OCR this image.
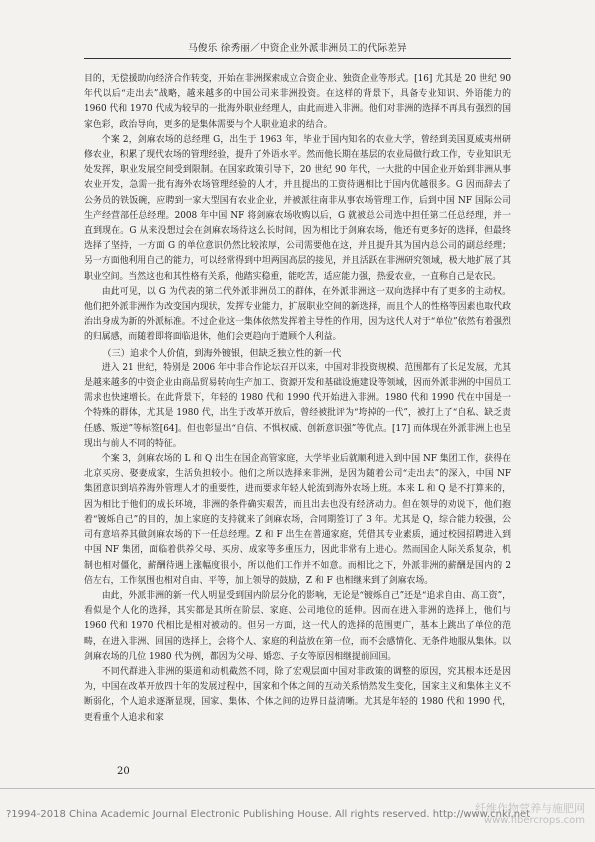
马俊乐 徐秀丽／中资企业外派非洲员工的代际差异

目的，无偿援助向经济合作转变，开始在非洲探索成立合资企业、独资企业等形式。[16] 尤其是 20 世纪 90 年代以后“走出去”战略，越来越多的中国公司来非洲投资。在这样的背景下，具备专业知识、外语能力的 1960 代和 1970 代成为较早的一批海外职业经理人，由此而进入非洲。他们对非洲的选择不再具有强烈的国家色彩，政治导向，更多的是集体需要与个人职业追求的结合。

个案 2，剑麻农场的总经理 G，出生于 1963 年，毕业于国内知名的农业大学，曾经到美国夏威夷州研修农业，积累了现代农场的管理经验，提升了外语水平。然而他长期在基层的农业局做行政工作，专业知识无处发挥，职业发展空间受到限制。在国家政策引导下，20 世纪 90 年代，一大批的中国企业开始到非洲从事农业开发，急需一批有海外农场管理经验的人才，并且提出的工资待遇相比于国内优越很多。G 因而辞去了公务员的铁饭碗，应聘到一家大型国有农业企业，并被派往南非从事农场管理工作，后到中国 NF 国际公司生产经营部任总经理。2008 年中国 NF 将剑麻农场收购以后，G 就被总公司选中担任第二任总经理，并一直到现在。G 从来没想过会在剑麻农场待这么长时间，因为相比于剑麻农场，他还有更多好的选择，但最终选择了坚持，一方面 G 的单位意识仍然比较浓厚，公司需要他在这，并且提升其为国内总公司的副总经理；另一方面他利用自己的能力，可以经常得到中坦两国高层的接见，并且活跃在非洲研究领域，极大地扩展了其职业空间。当然这也和其性格有关系，他踏实稳重，能吃苦，适应能力强，热爱农业，一直称自己是农民。

由此可见，以 G 为代表的第二代外派非洲员工的群体，在外派非洲这一双向选择中有了更多的主动权。他们把外派非洲作为改变国内现状，发挥专业能力，扩展职业空间的新选择，而且个人的性格等因素也取代政治出身成为新的外派标准。不过企业这一集体依然发挥着主导性的作用，因为这代人对于“单位”依然有着强烈的归属感，而随着即将面临退休，他们会更趋向于遣顾个人利益。

（三）追求个人价值，到海外镀银，但缺乏独立性的新一代

进入 21 世纪，特别是 2006 年中非合作论坛召开以来，中国对非投资规模、范围都有了长足发展，尤其是越来越多的中资企业由商品贸易转向生产加工、资源开发和基础设施建设等领域，因而外派非洲的中国员工需求也快速增长。在此背景下，年轻的 1980 代和 1990 代开始进入非洲。1980 代和 1990 代在中国是一个特殊的群体，尤其是 1980 代，出生于改革开放后，曾经被批评为“垮掉的一代”，被打上了“自私、缺乏责任感、叛逆”等标签[64]。但也彰显出“自信、不惧权威、创新意识强”等优点。[17] 而体现在外派非洲上也呈现出与前人不同的特征。

个案 3，剑麻农场的 L 和 Q 出生在国企高管家庭，大学毕业后就顺利进入到中国 NF 集团工作，获得在北京买房、娶妻成家，生活负担较小。他们之所以选择来非洲，是因为随着公司“走出去”的深入，中国 NF 集团意识到培养海外管理人才的重要性，进而要求年轻人轮流到海外农场上班。本来 L 和 Q 是不打算来的，因为相比于他们的成长环境，非洲的条件确实艰苦，而且出去也没有经济动力。但在领导的劝说下，他们抱着“镀烁自己”的目的，加上家庭的支持就来了剑麻农场，合同期签订了 3 年。尤其是 Q，综合能力较强，公司有意培养其做剑麻农场的下一任总经理。Z 和 F 出生在普通家庭，凭借其专业素质，通过校园招聘进入到中国 NF 集团，面临着供养父母、买房、成家等多重压力，因此非常有上进心。然而国企人际关系复杂，机制也相对僵化，薪酬待遇上涨幅度很小，所以他们工作并不如意。而相比之下，外派非洲的薪酬是国内的 2 倍左右，工作氛围也相对自由、平等，加上领导的鼓励，Z 和 F 也相继来到了剑麻农场。

由此，外派非洲的新一代人明显受到国内阶层分化的影响，无论是“镀烁自己”还是“追求自由、高工资”，看似是个人化的选择，其实都是其所在阶层、家庭、公司地位的延伸。因而在进入非洲的选择上，他们与 1960 代和 1970 代相比是相对被动的。但另一方面，这一代人的选择的范围更广，基本上跳出了单位的范畴，在进入非洲、回国的选择上，会将个人、家庭的利益放在第一位，而不会感情化、无条件地服从集体。以剑麻农场的几位 1980 代为例，都因为父母、婚恋、子女等原因相继提前回国。

不同代群进入非洲的渠道和动机截然不同，除了宏观层面中国对非政策的调整的原因，究其根本还是因为，中国在改革开放四十年的发展过程中，国家和个体之间的互动关系悄然发生变化，国家主义和集体主义不断弱化，个人追求逐渐显现，国家、集体、个体之间的边界日益清晰。尤其是年轻的 1980 代和 1990 代，更看重个人追求和家

20
?1994-2018 China Academic Journal Electronic Publishing House. All rights reserved. http://www.cnki.net
纤维作物营养与施肥网
www.fibercrops.com
